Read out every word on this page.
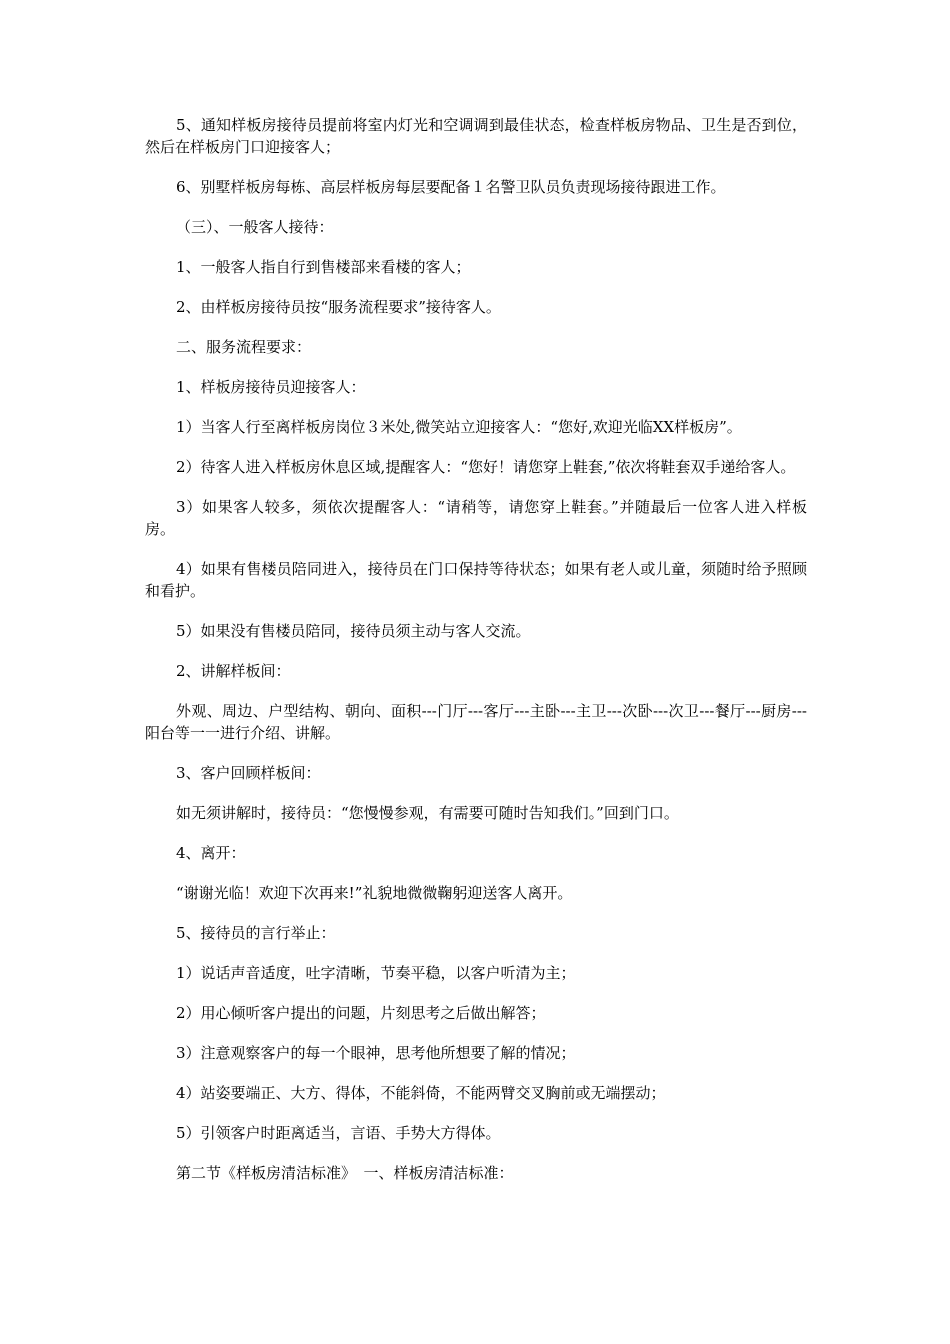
5、通知样板房接待员提前将室内灯光和空调调到最佳状态，检查样板房物品、卫生是否到位，然后在样板房门口迎接客人；

6、别墅样板房每栋、高层样板房每层要配备１名警卫队员负责现场接待跟进工作。

（三）、一般客人接待：

1、一般客人指自行到售楼部来看楼的客人；

2、由样板房接待员按“服务流程要求”接待客人。

二、服务流程要求：

1、样板房接待员迎接客人：

1）当客人行至离样板房岗位３米处,微笑站立迎接客人：“您好,欢迎光临XX样板房”。

2）待客人进入样板房休息区域,提醒客人：“您好！请您穿上鞋套,”依次将鞋套双手递给客人。

3）如果客人较多，须依次提醒客人：“请稍等，请您穿上鞋套。”并随最后一位客人进入样板房。

4）如果有售楼员陪同进入，接待员在门口保持等待状态；如果有老人或儿童，须随时给予照顾和看护。

5）如果没有售楼员陪同，接待员须主动与客人交流。

2、讲解样板间：

外观、周边、户型结构、朝向、面积---门厅---客厅---主卧---主卫---次卧---次卫---餐厅---厨房---阳台等一一进行介绍、讲解。

3、客户回顾样板间：

如无须讲解时，接待员：“您慢慢参观，有需要可随时告知我们。”回到门口。

4、离开：

“谢谢光临！欢迎下次再来!”礼貌地微微鞠躬迎送客人离开。

5、接待员的言行举止：

1）说话声音适度，吐字清晰，节奏平稳，以客户听清为主；

2）用心倾听客户提出的问题，片刻思考之后做出解答；

3）注意观察客户的每一个眼神，思考他所想要了解的情况；

4）站姿要端正、大方、得体，不能斜倚，不能两臂交叉胸前或无端摆动；

5）引领客户时距离适当，言语、手势大方得体。

第二节《样板房清洁标准》　一、样板房清洁标准：
